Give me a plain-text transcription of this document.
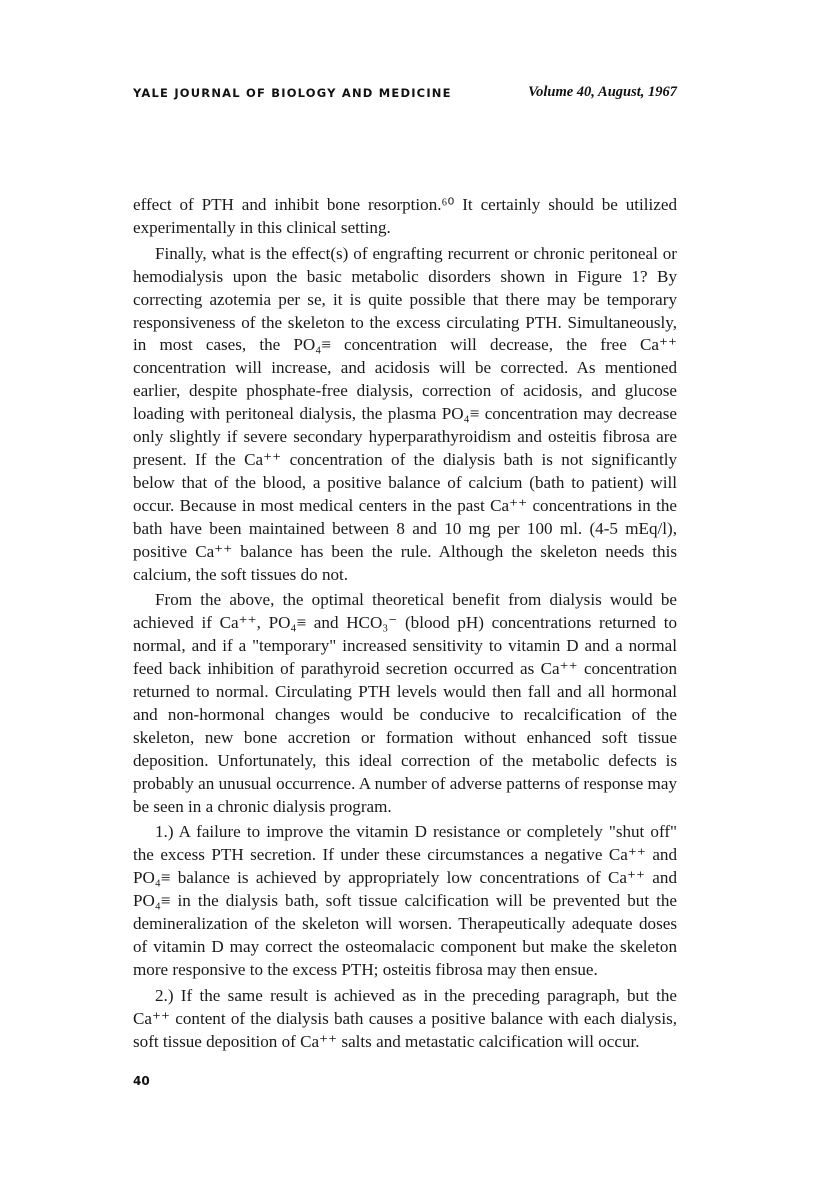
YALE JOURNAL OF BIOLOGY AND MEDICINE	Volume 40, August, 1967

effect of PTH and inhibit bone resorption.⁶⁰ It certainly should be utilized experimentally in this clinical setting.

Finally, what is the effect(s) of engrafting recurrent or chronic peritoneal or hemodialysis upon the basic metabolic disorders shown in Figure 1? By correcting azotemia per se, it is quite possible that there may be temporary responsiveness of the skeleton to the excess circulating PTH. Simultaneously, in most cases, the PO₄≡ concentration will decrease, the free Ca⁺⁺ concentration will increase, and acidosis will be corrected. As mentioned earlier, despite phosphate-free dialysis, correction of acidosis, and glucose loading with peritoneal dialysis, the plasma PO₄≡ concentration may decrease only slightly if severe secondary hyperparathyroidism and osteitis fibrosa are present. If the Ca⁺⁺ concentration of the dialysis bath is not significantly below that of the blood, a positive balance of calcium (bath to patient) will occur. Because in most medical centers in the past Ca⁺⁺ concentrations in the bath have been maintained between 8 and 10 mg per 100 ml. (4-5 mEq/l), positive Ca⁺⁺ balance has been the rule. Although the skeleton needs this calcium, the soft tissues do not.

From the above, the optimal theoretical benefit from dialysis would be achieved if Ca⁺⁺, PO₄≡ and HCO₃⁻ (blood pH) concentrations returned to normal, and if a "temporary" increased sensitivity to vitamin D and a normal feed back inhibition of parathyroid secretion occurred as Ca⁺⁺ concentration returned to normal. Circulating PTH levels would then fall and all hormonal and non-hormonal changes would be conducive to recalcification of the skeleton, new bone accretion or formation without enhanced soft tissue deposition. Unfortunately, this ideal correction of the metabolic defects is probably an unusual occurrence. A number of adverse patterns of response may be seen in a chronic dialysis program.

1.) A failure to improve the vitamin D resistance or completely "shut off" the excess PTH secretion. If under these circumstances a negative Ca⁺⁺ and PO₄≡ balance is achieved by appropriately low concentrations of Ca⁺⁺ and PO₄≡ in the dialysis bath, soft tissue calcification will be prevented but the demineralization of the skeleton will worsen. Therapeutically adequate doses of vitamin D may correct the osteomalacic component but make the skeleton more responsive to the excess PTH; osteitis fibrosa may then ensue.

2.) If the same result is achieved as in the preceding paragraph, but the Ca⁺⁺ content of the dialysis bath causes a positive balance with each dialysis, soft tissue deposition of Ca⁺⁺ salts and metastatic calcification will occur.

40
